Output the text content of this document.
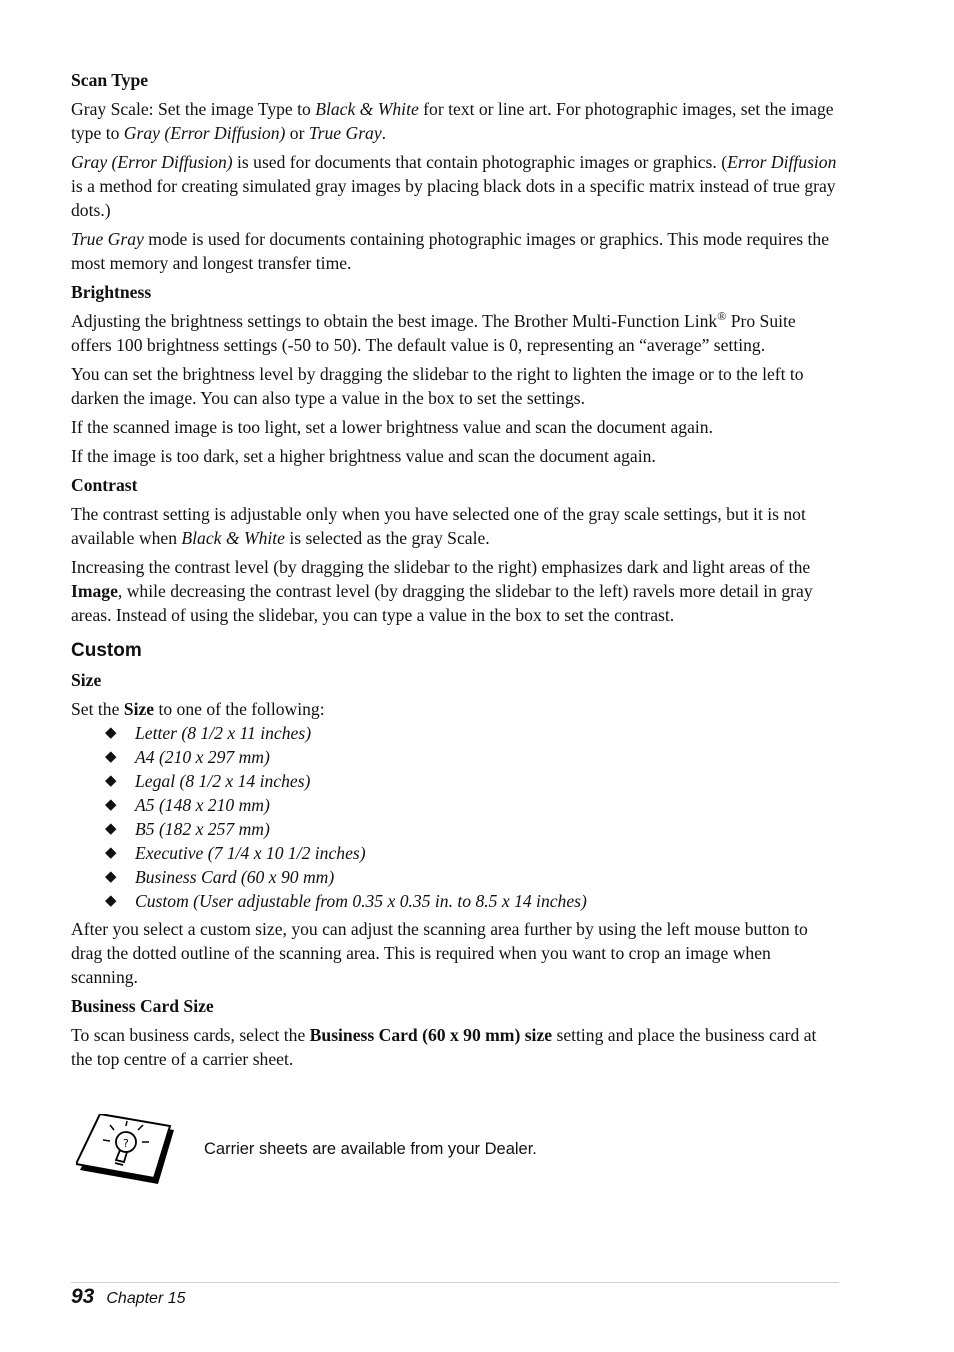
Scan Type

Gray Scale: Set the image Type to Black & White for text or line art. For photographic images, set the image type to Gray (Error Diffusion) or True Gray.

Gray (Error Diffusion) is used for documents that contain photographic images or graphics. (Error Diffusion is a method for creating simulated gray images by placing black dots in a specific matrix instead of true gray dots.)

True Gray mode is used for documents containing photographic images or graphics. This mode requires the most memory and longest transfer time.

Brightness

Adjusting the brightness settings to obtain the best image. The Brother Multi-Function Link® Pro Suite offers 100 brightness settings (-50 to 50). The default value is 0, representing an “average” setting.

You can set the brightness level by dragging the slidebar to the right to lighten the image or to the left to darken the image. You can also type a value in the box to set the settings.

If the scanned image is too light, set a lower brightness value and scan the document again.

If the image is too dark, set a higher brightness value and scan the document again.

Contrast

The contrast setting is adjustable only when you have selected one of the gray scale settings, but it is not available when Black & White is selected as the gray Scale.

Increasing the contrast level (by dragging the slidebar to the right) emphasizes dark and light areas of the Image, while decreasing the contrast level (by dragging the slidebar to the left) ravels more detail in gray areas. Instead of using the slidebar, you can type a value in the box to set the contrast.

Custom
Size

Set the Size to one of the following:

◆ Letter (8 1/2 x 11 inches)
◆ A4 (210 x 297 mm)
◆ Legal (8 1/2 x 14 inches)
◆ A5 (148 x 210 mm)
◆ B5 (182 x 257 mm)
◆ Executive (7 1/4 x 10 1/2 inches)
◆ Business Card (60 x 90 mm)
◆ Custom (User adjustable from 0.35 x 0.35 in. to 8.5 x 14 inches)

After you select a custom size, you can adjust the scanning area further by using the left mouse button to drag the dotted outline of the scanning area. This is required when you want to crop an image when scanning.

Business Card Size

To scan business cards, select the Business Card (60 x 90 mm) size setting and place the business card at the top centre of a carrier sheet.

?	Carrier sheets are available from your Dealer.
93 Chapter 15
